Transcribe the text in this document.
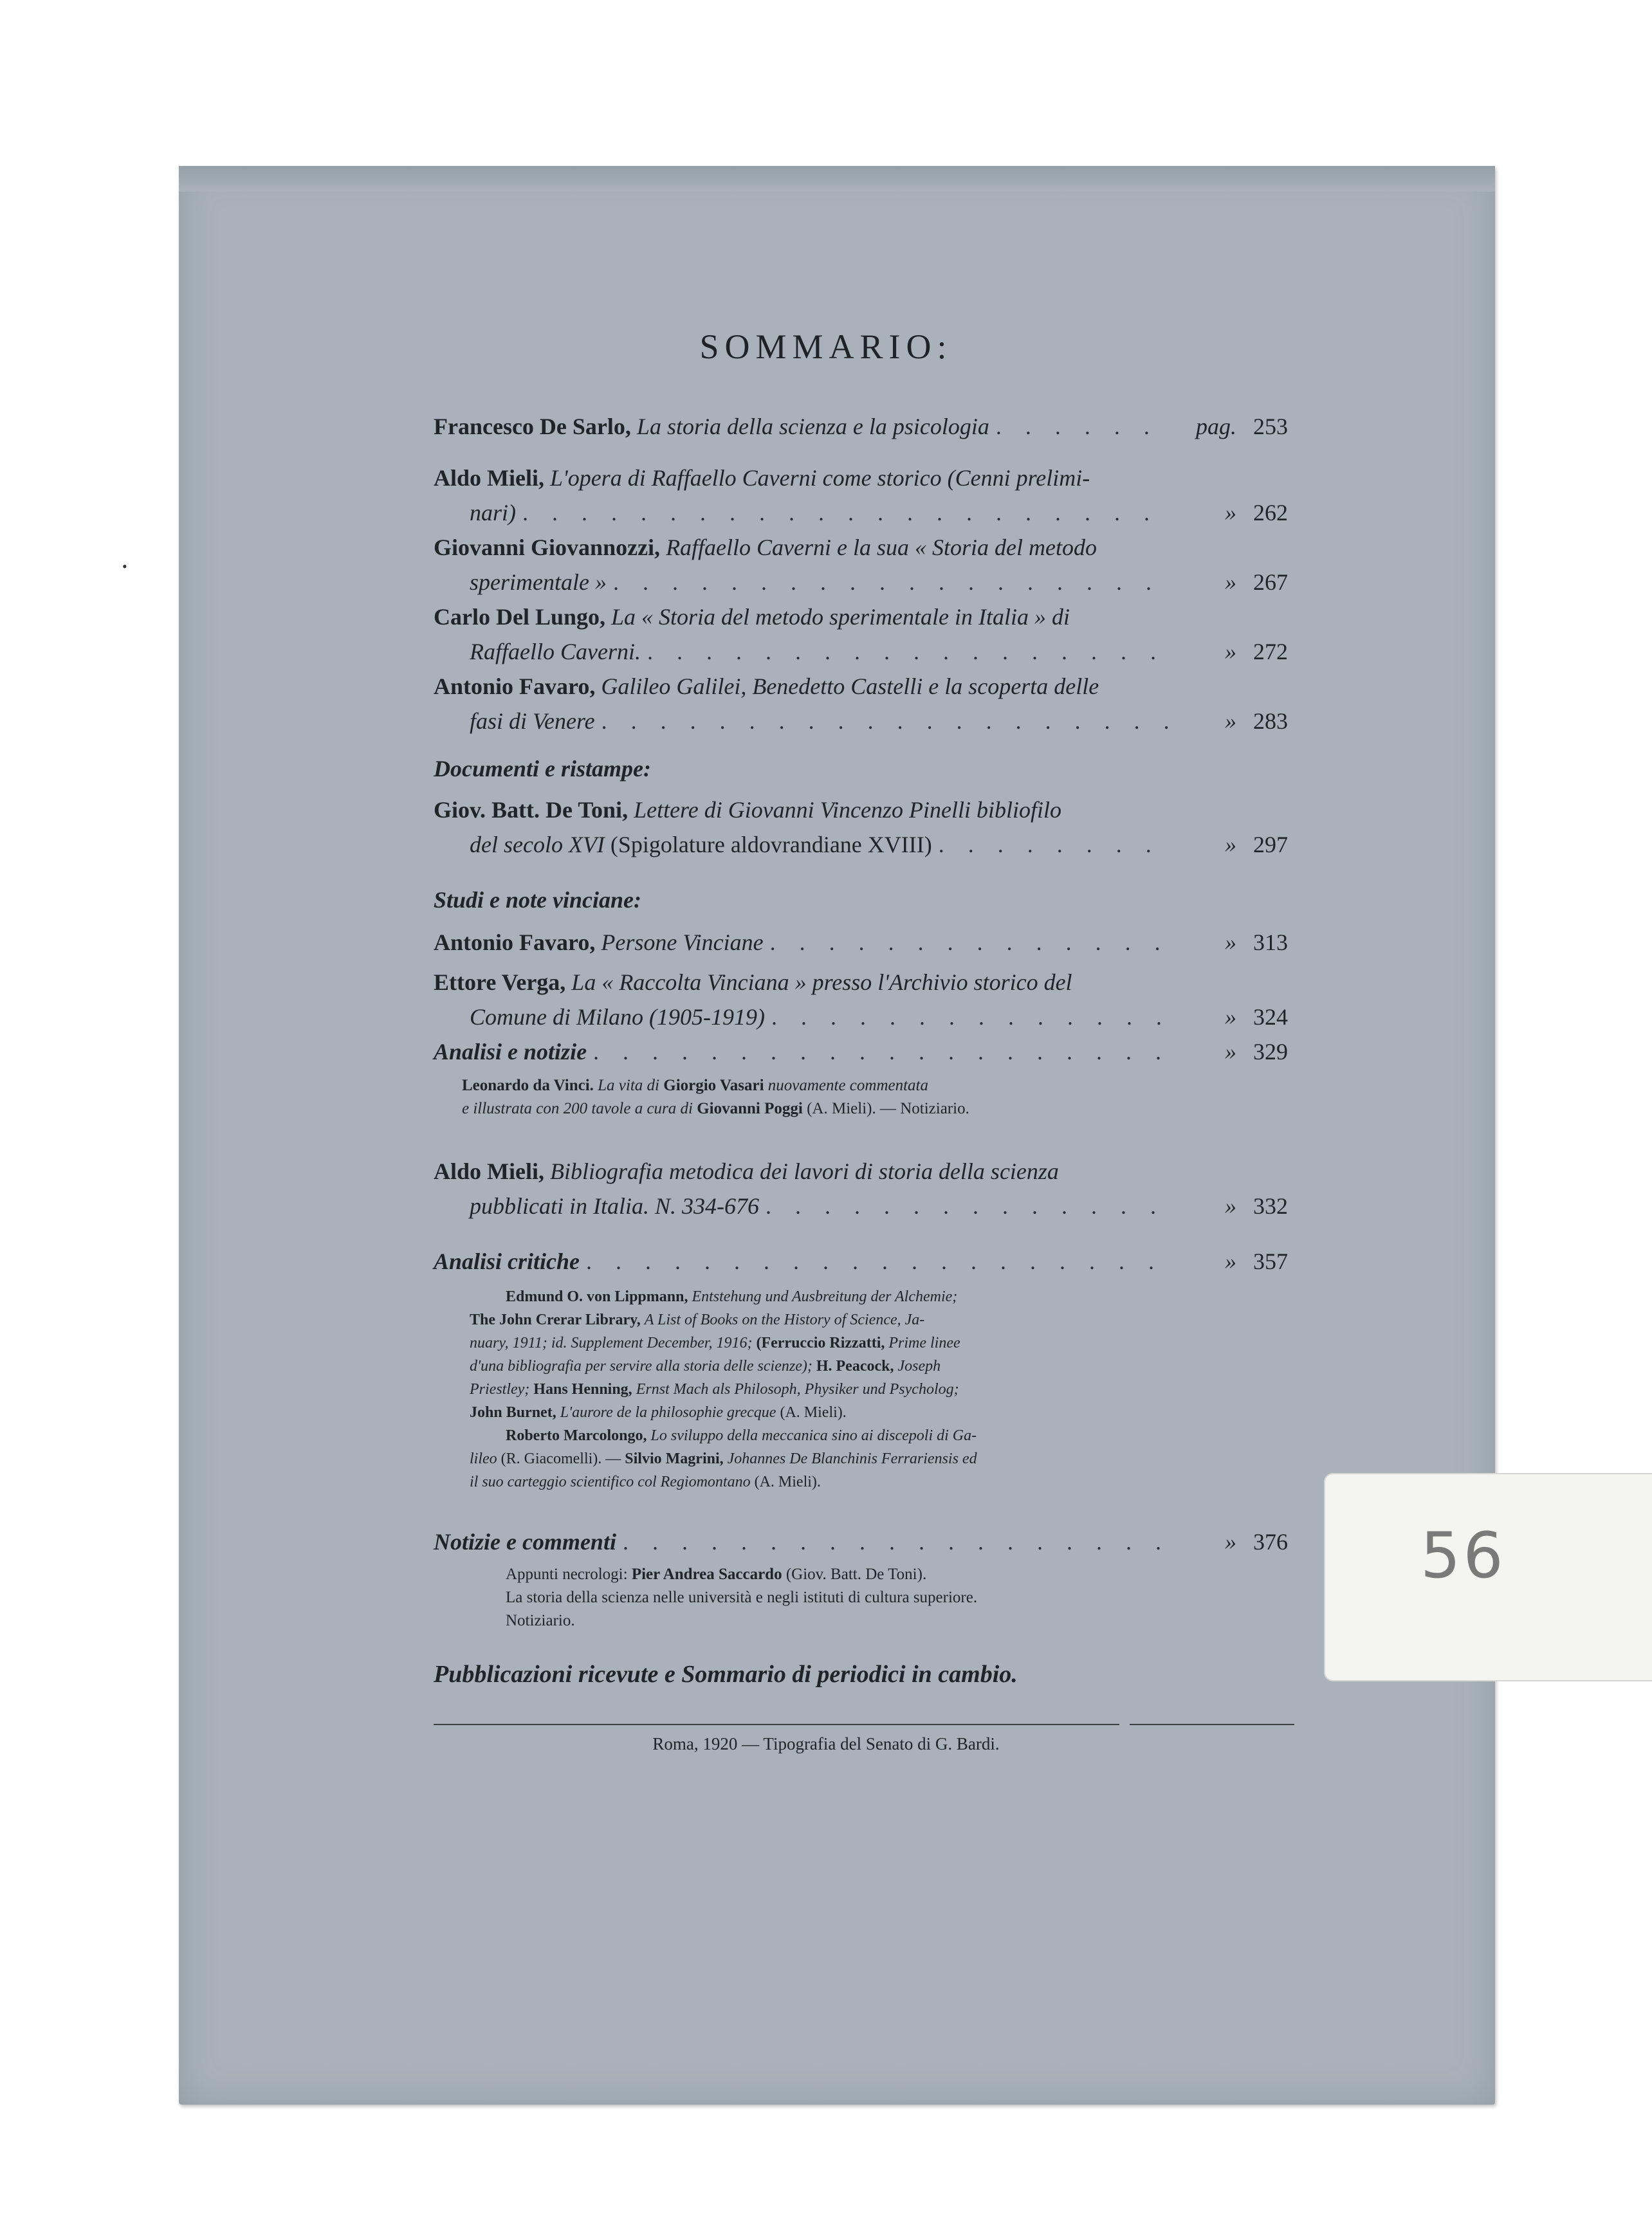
•
56
SOMMARIO:
Francesco De Sarlo,
La storia della scienza e la psicologia . . .	pag. 253
Aldo Mieli, L'opera di Raffaello Caverni come storico (Cenni prelimi-
nari) . . .	» 262
Giovanni Giovannozzi, Raffaello Caverni e la sua « Storia del metodo
sperimentale » . . .	» 267
Carlo Del Lungo, La « Storia del metodo sperimentale in Italia » di
Raffaello Caverni. . . .	» 272
Antonio Favaro, Galileo Galilei, Benedetto Castelli e la scoperta delle
fasi di Venere . . .	» 283
Documenti e ristampe:
Giov. Batt. De Toni, Lettere di Giovanni Vincenzo Pinelli bibliofilo
del secolo XVI
(Spigolature aldovrandiane XVIII) . . .	» 297
Studi e note vinciane:
Antonio Favaro,
Persone Vinciane . . .	» 313
Ettore Verga, La « Raccolta Vinciana » presso l'Archivio storico del
Comune di Milano (1905-1919) . . .	» 324
Analisi e notizie . . .	» 329
Leonardo da Vinci. La vita di Giorgio Vasari nuovamente commentata
e illustrata con 200 tavole a cura di Giovanni Poggi (A. Mieli). — Notiziario.
Aldo Mieli, Bibliografia metodica dei lavori di storia della scienza
pubblicati in Italia. N. 334-676 . . .	» 332
Analisi critiche . . .	» 357
Edmund O. von Lippmann, Entstehung und Ausbreitung der Alchemie;
The John Crerar Library, A List of Books on the History of Science, Ja-
nuary, 1911; id. Supplement December, 1916; (Ferruccio Rizzatti, Prime linee
d'una bibliografia per servire alla storia delle scienze); H. Peacock, Joseph
Priestley; Hans Henning, Ernst Mach als Philosoph, Physiker und Psycholog;
John Burnet, L'aurore de la philosophie grecque (A. Mieli).
Roberto Marcolongo, Lo sviluppo della meccanica sino ai discepoli di Ga-
lileo (R. Giacomelli). — Silvio Magrini, Johannes De Blanchinis Ferrariensis ed
il suo carteggio scientifico col Regiomontano (A. Mieli).
Notizie e commenti . . .	» 376
Appunti necrologi: Pier Andrea Saccardo (Giov. Batt. De Toni).
La storia della scienza nelle università e negli istituti di cultura superiore.
Notiziario.
Pubblicazioni ricevute e Sommario di periodici in cambio.
Roma, 1920 — Tipografia del Senato di G. Bardi.
